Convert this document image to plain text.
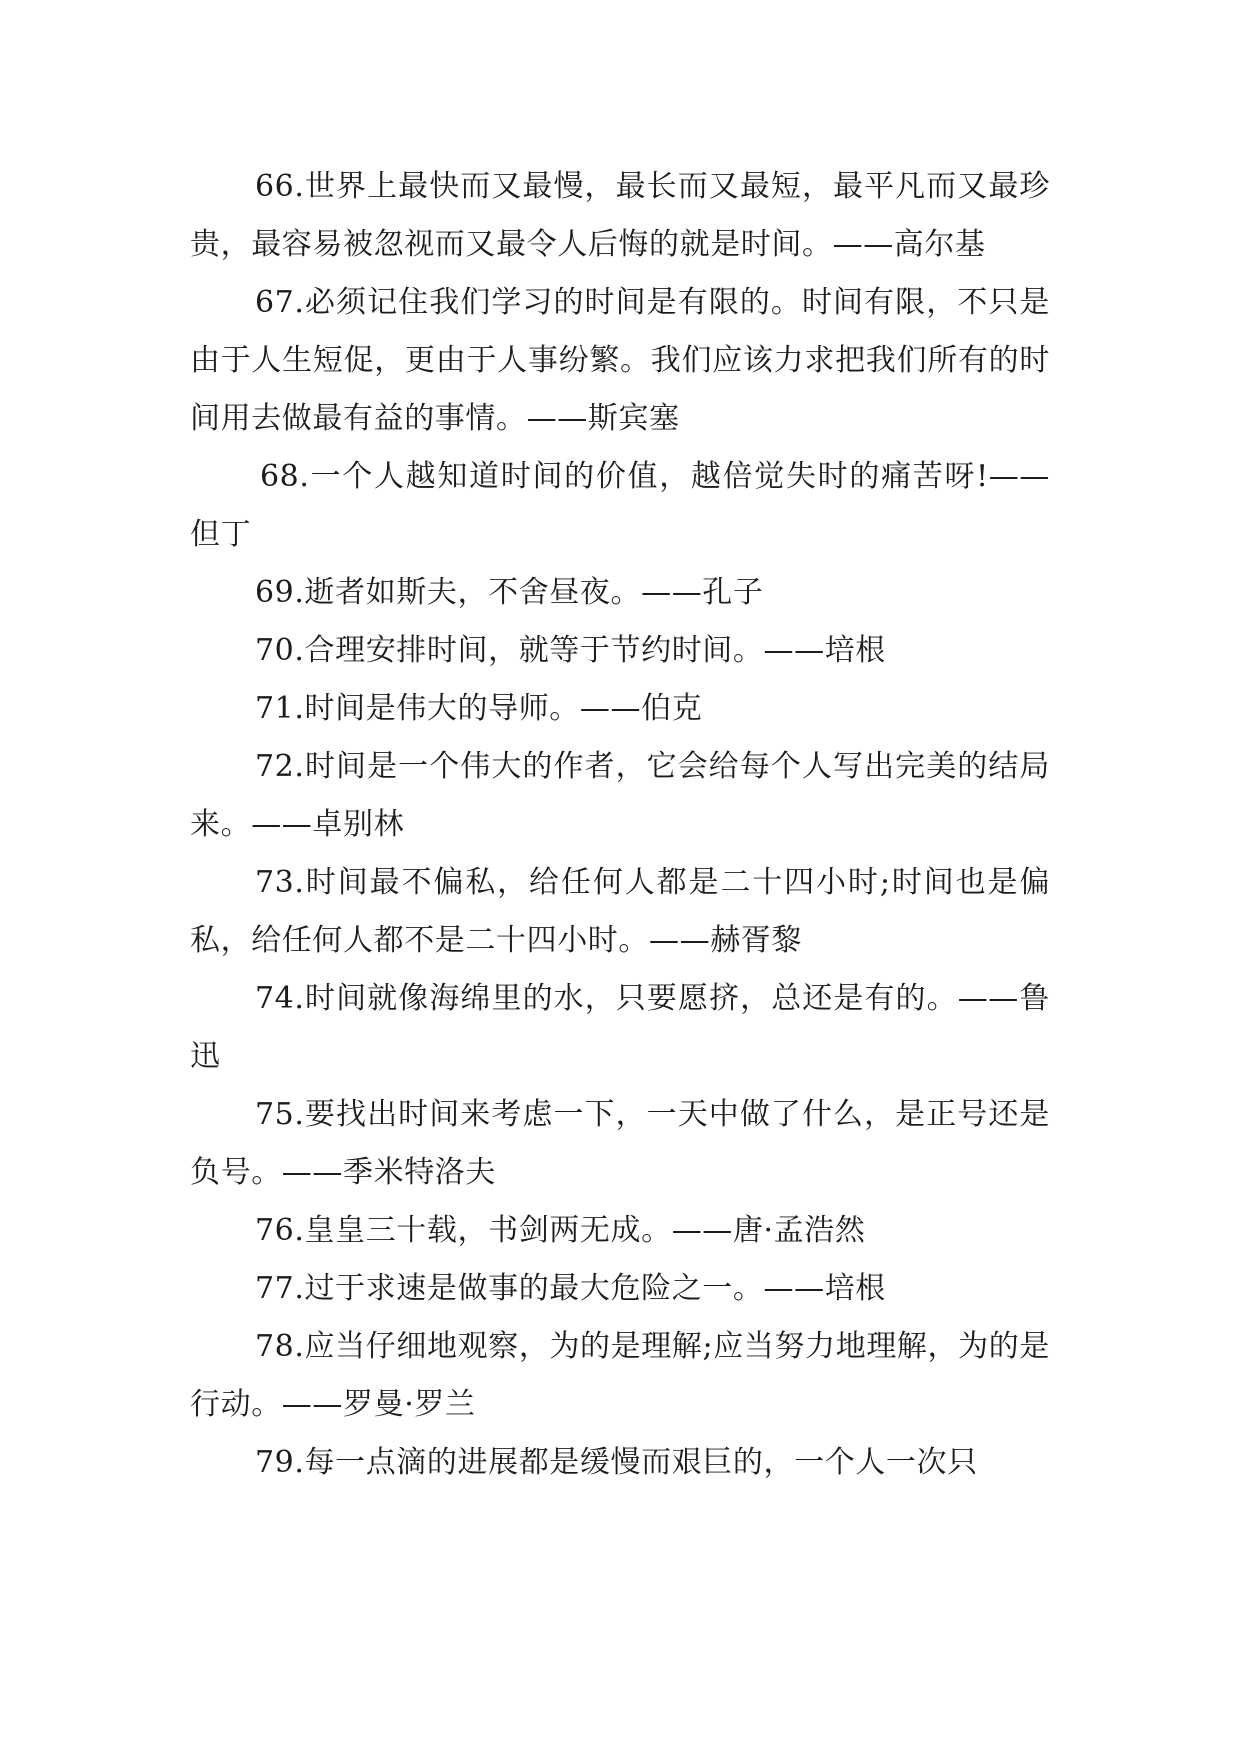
66.世界上最快而又最慢，最长而又最短，最平凡而又最珍贵，最容易被忽视而又最令人后悔的就是时间。——高尔基

67.必须记住我们学习的时间是有限的。时间有限，不只是由于人生短促，更由于人事纷繁。我们应该力求把我们所有的时间用去做最有益的事情。——斯宾塞

68.一个人越知道时间的价值，越倍觉失时的痛苦呀!——但丁

69.逝者如斯夫，不舍昼夜。——孔子

70.合理安排时间，就等于节约时间。——培根

71.时间是伟大的导师。——伯克

72.时间是一个伟大的作者，它会给每个人写出完美的结局来。——卓别林

73.时间最不偏私，给任何人都是二十四小时;时间也是偏私，给任何人都不是二十四小时。——赫胥黎

74.时间就像海绵里的水，只要愿挤，总还是有的。——鲁迅

75.要找出时间来考虑一下，一天中做了什么，是正号还是负号。——季米特洛夫

76.皇皇三十载，书剑两无成。——唐·孟浩然

77.过于求速是做事的最大危险之一。——培根

78.应当仔细地观察，为的是理解;应当努力地理解，为的是行动。——罗曼·罗兰

79.每一点滴的进展都是缓慢而艰巨的，一个人一次只
